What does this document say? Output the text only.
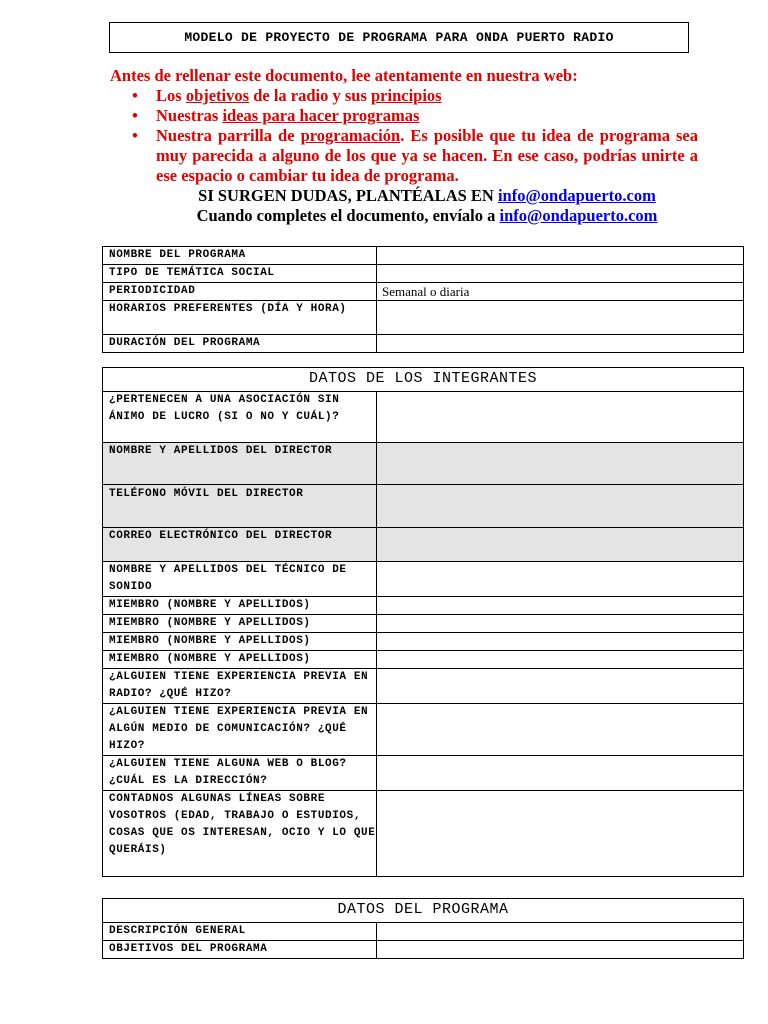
MODELO DE PROYECTO DE PROGRAMA PARA ONDA PUERTO RADIO

Antes de rellenar este documento, lee atentamente en nuestra web:

• Los objetivos de la radio y sus principios
• Nuestras ideas para hacer programas
• Nuestra parrilla de programación. Es posible que tu idea de programa sea muy parecida a alguno de los que ya se hacen. En ese caso, podrías unirte a ese espacio o cambiar tu idea de programa.
SI SURGEN DUDAS, PLANTÉALAS EN info@ondapuerto.com
Cuando completes el documento, envíalo a info@ondapuerto.com
NOMBRE DEL PROGRAMA	
TIPO DE TEMÁTICA SOCIAL	
PERIODICIDAD	Semanal o diaria
HORARIOS PREFERENTES (DÍA Y HORA)	
DURACIÓN DEL PROGRAMA	
DATOS DE LOS INTEGRANTES	
¿PERTENECEN A UNA ASOCIACIÓN SIN ÁNIMO DE LUCRO (SI O NO Y CUÁL)?	
NOMBRE Y APELLIDOS DEL DIRECTOR	
TELÉFONO MÓVIL DEL DIRECTOR	
CORREO ELECTRÓNICO DEL DIRECTOR	
NOMBRE Y APELLIDOS DEL TÉCNICO DE SONIDO	
MIEMBRO (NOMBRE Y APELLIDOS)	
MIEMBRO (NOMBRE Y APELLIDOS)	
MIEMBRO (NOMBRE Y APELLIDOS)	
MIEMBRO (NOMBRE Y APELLIDOS)	
¿ALGUIEN TIENE EXPERIENCIA PREVIA EN RADIO? ¿QUÉ HIZO?	
¿ALGUIEN TIENE EXPERIENCIA PREVIA EN ALGÚN MEDIO DE COMUNICACIÓN? ¿QUÉ HIZO?	
¿ALGUIEN TIENE ALGUNA WEB O BLOG? ¿CUÁL ES LA DIRECCIÓN?	
CONTADNOS ALGUNAS LÍNEAS SOBRE VOSOTROS (EDAD, TRABAJO O ESTUDIOS, COSAS QUE OS INTERESAN, OCIO Y LO QUE QUERÁIS)	
DATOS DEL PROGRAMA	
DESCRIPCIÓN GENERAL	
OBJETIVOS DEL PROGRAMA	
